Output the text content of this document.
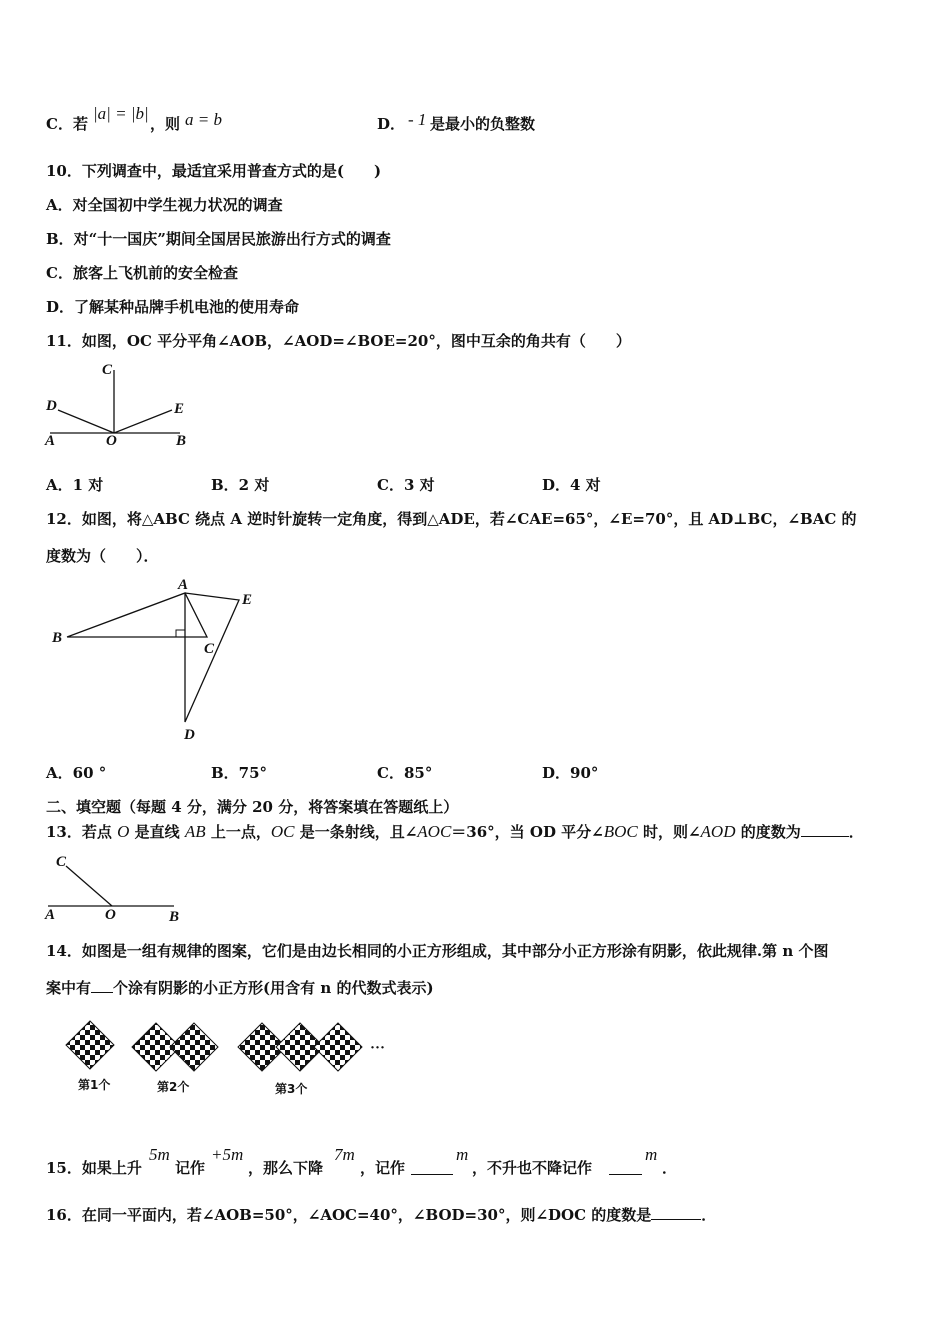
C．若
|a| = |b|
，则 a = b	D． - 1 是最小的负整数
10．下列调查中，最适宜采用普查方式的是(　　)
A．对全国初中学生视力状况的调查
B．对“十一国庆”期间全国居民旅游出行方式的调查
C．旅客上飞机前的安全检查
D．了解某种品牌手机电池的使用寿命
11．如图，OC 平分平角∠AOB，∠AOD=∠BOE=20°，图中互余的角共有（　　）
C
D	E
A	O	B
A．1 对	B．2 对	C．3 对	D．4 对
12．如图，将△ABC 绕点 A 逆时针旋转一定角度，得到△ADE，若∠CAE=65°，∠E=70°，且 AD⊥BC，∠BAC 的
度数为（　　）．
A
B
C
D
E
A．60 °	B．75°	C．85°	D．90°
二、填空题（每题 4 分，满分 20 分，将答案填在答题纸上）
13．若点 O 是直线 AB 上一点，OC 是一条射线，且∠AOC＝36°，当 OD 平分∠BOC 时，则∠AOD 的度数为	．
C
A	O	B
14．如图是一组有规律的图案，它们是由边长相同的小正方形组成，其中部分小正方形涂有阴影，依此规律.第 n 个图
案中有 个涂有阴影的小正方形(用含有 n 的代数式表示)
···
第1个	第2个	第3个
15．如果上升
5m
记作
+5m
，那么下降
7m
，记作
m
，不升也不降记作
m
．
16．在同一平面内，若∠AOB=50°，∠AOC=40°，∠BOD=30°，则∠DOC 的度数是	．
